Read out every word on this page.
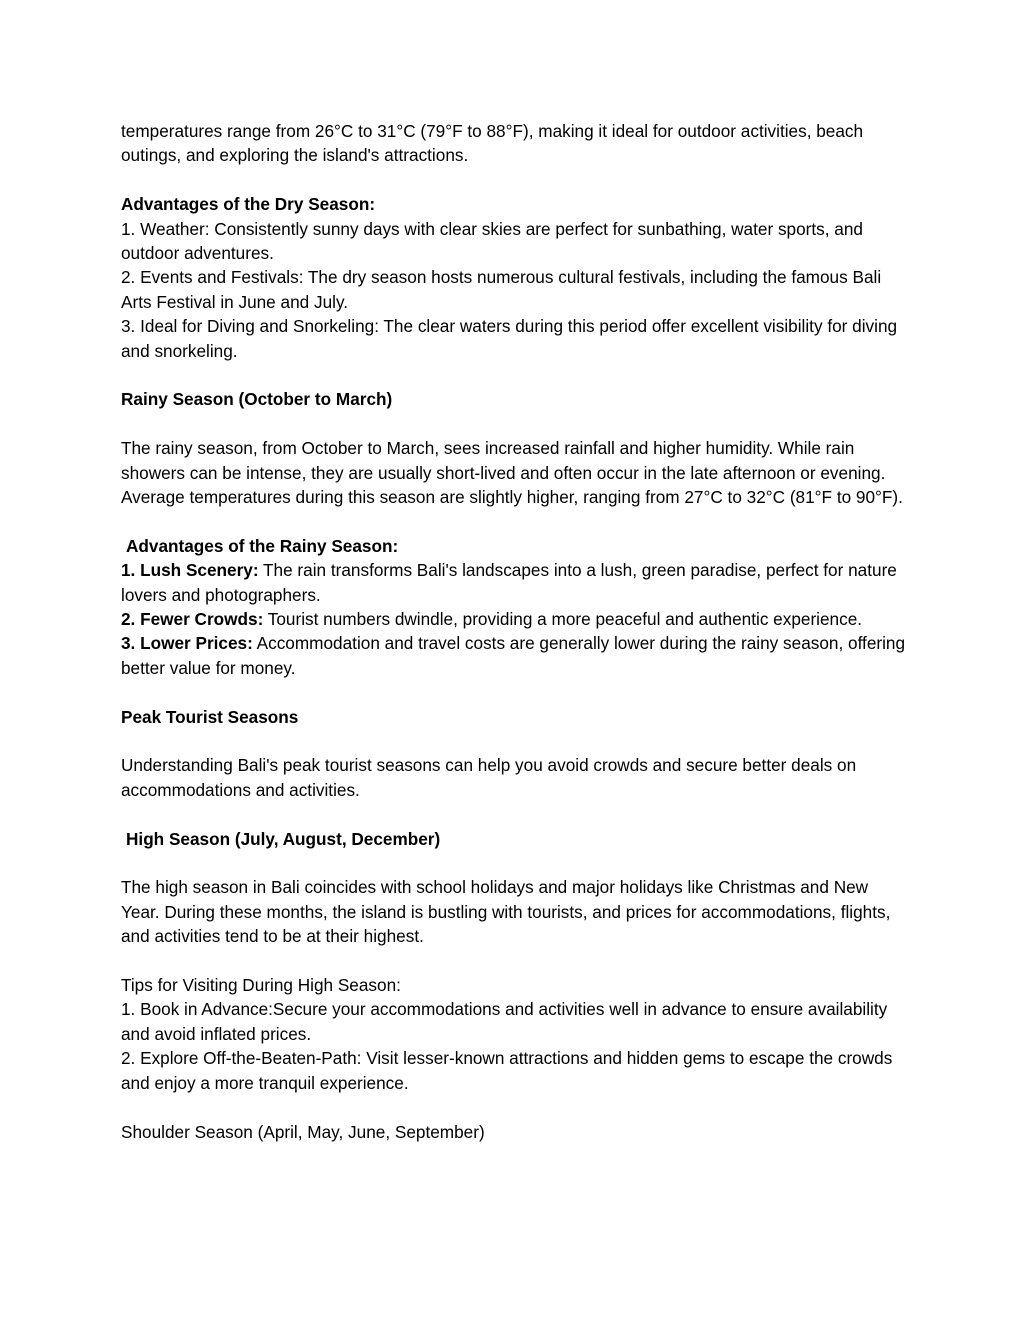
temperatures range from 26°C to 31°C (79°F to 88°F), making it ideal for outdoor activities, beach outings, and exploring the island's attractions.

Advantages of the Dry Season:

1. Weather: Consistently sunny days with clear skies are perfect for sunbathing, water sports, and outdoor adventures.

2. Events and Festivals: The dry season hosts numerous cultural festivals, including the famous Bali Arts Festival in June and July.

3. Ideal for Diving and Snorkeling: The clear waters during this period offer excellent visibility for diving and snorkeling.

Rainy Season (October to March)

The rainy season, from October to March, sees increased rainfall and higher humidity. While rain showers can be intense, they are usually short-lived and often occur in the late afternoon or evening. Average temperatures during this season are slightly higher, ranging from 27°C to 32°C (81°F to 90°F).

Advantages of the Rainy Season:

1. Lush Scenery: The rain transforms Bali's landscapes into a lush, green paradise, perfect for nature lovers and photographers.

2. Fewer Crowds: Tourist numbers dwindle, providing a more peaceful and authentic experience.

3. Lower Prices: Accommodation and travel costs are generally lower during the rainy season, offering better value for money.

Peak Tourist Seasons

Understanding Bali's peak tourist seasons can help you avoid crowds and secure better deals on accommodations and activities.

High Season (July, August, December)

The high season in Bali coincides with school holidays and major holidays like Christmas and New Year. During these months, the island is bustling with tourists, and prices for accommodations, flights, and activities tend to be at their highest.

Tips for Visiting During High Season:

1. Book in Advance:Secure your accommodations and activities well in advance to ensure availability and avoid inflated prices.

2. Explore Off-the-Beaten-Path: Visit lesser-known attractions and hidden gems to escape the crowds and enjoy a more tranquil experience.

Shoulder Season (April, May, June, September)
